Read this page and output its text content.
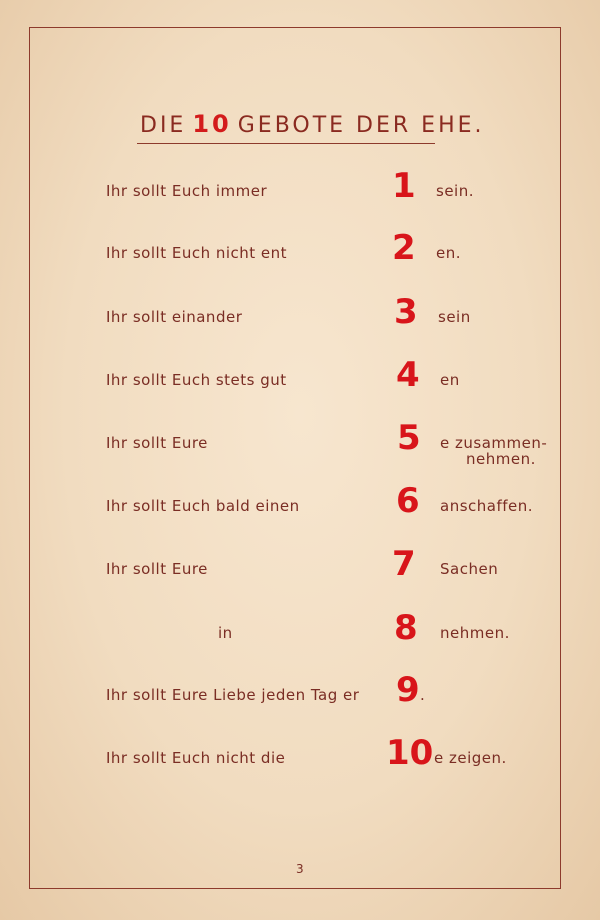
DIE 10 GEBOTE DER EHE.
Ihr sollt Euch immer	1 sein.
Ihr sollt Euch nicht ent	2 en.
Ihr sollt einander	3 sein
Ihr sollt Euch stets gut	4 en
Ihr sollt Eure	5 e zusammen-
nehmen.
Ihr sollt Euch bald einen	6 anschaffen.
Ihr sollt Eure	7 Sachen
in	8 nehmen.
Ihr sollt Eure Liebe jeden Tag er 9 .
Ihr sollt Euch nicht die	10 e zeigen.
3
